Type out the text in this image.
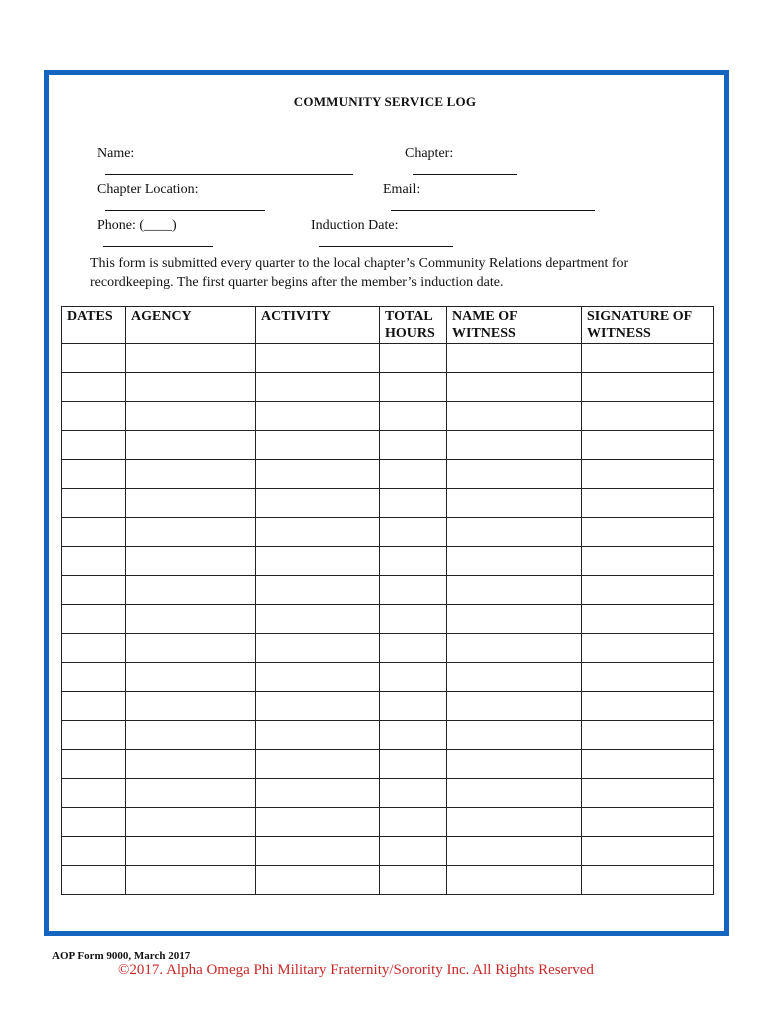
COMMUNITY SERVICE LOG

Name:
	Chapter:

Chapter Location:
	Email:

Phone: (____)
	Induction Date:

This form is submitted every quarter to the local chapter’s Community Relations department for recordkeeping. The first quarter begins after the member’s induction date.
DATES	AGENCY	ACTIVITY	TOTAL HOURS	NAME OF WITNESS	SIGNATURE OF WITNESS

AOP Form 9000, March 2017
©2017. Alpha Omega Phi Military Fraternity/Sorority Inc. All Rights Reserved
